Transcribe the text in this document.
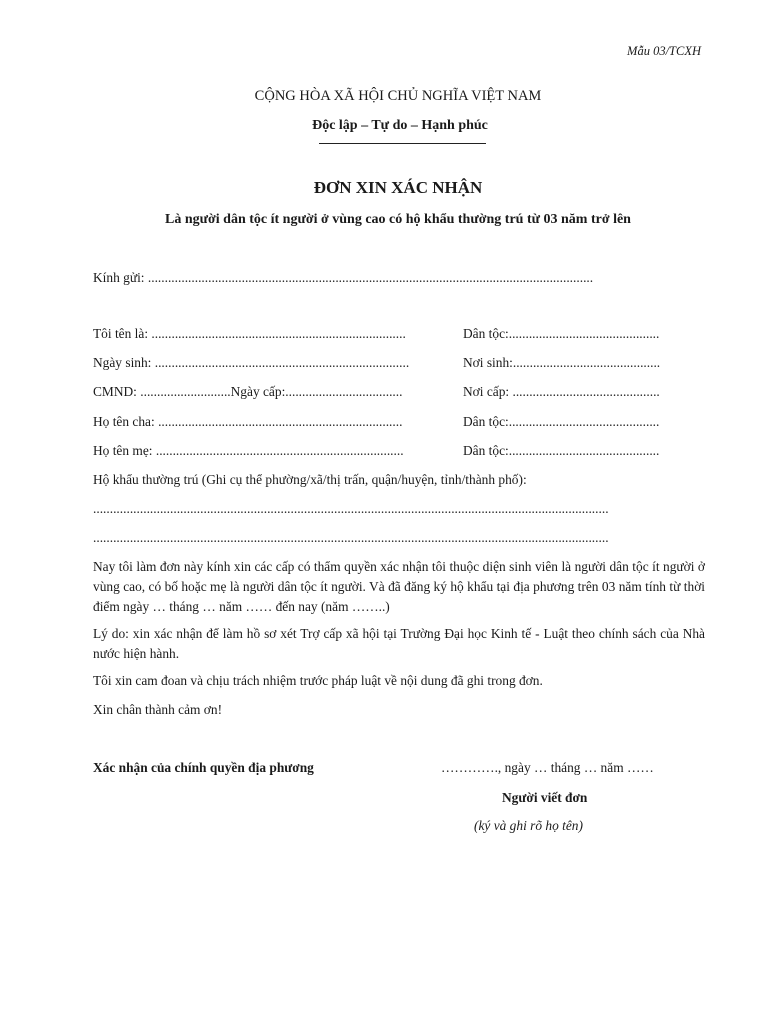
Mẫu 03/TCXH
CỘNG HÒA XÃ HỘI CHỦ NGHĨA VIỆT NAM
Độc lập – Tự do – Hạnh phúc
ĐƠN XIN XÁC NHẬN
Là người dân tộc ít người ở vùng cao có hộ khẩu thường trú từ 03 năm trở lên
Kính gửi: .....................................................................................................................................
Tôi tên là: ............................................................................	Dân tộc:.............................................
Ngày sinh: ............................................................................	Nơi sinh:............................................
CMND: ...........................Ngày cấp:...................................	Nơi cấp: ............................................
Họ tên cha: .........................................................................	Dân tộc:.............................................
Họ tên mẹ: ..........................................................................	Dân tộc:.............................................
Hộ khẩu thường trú (Ghi cụ thể phường/xã/thị trấn, quận/huyện, tỉnh/thành phố):
..........................................................................................................................................................
..........................................................................................................................................................
Nay tôi làm đơn này kính xin các cấp có thẩm quyền xác nhận tôi thuộc diện sinh viên là người dân tộc ít người ở vùng cao, có bố hoặc mẹ là người dân tộc ít người. Và đã đăng ký hộ khẩu tại địa phương trên 03 năm tính từ thời điểm ngày … tháng … năm …… đến nay (năm ……..)
Lý do: xin xác nhận để làm hồ sơ xét Trợ cấp xã hội tại Trường Đại học Kinh tế - Luật theo chính sách của Nhà nước hiện hành.
Tôi xin cam đoan và chịu trách nhiệm trước pháp luật về nội dung đã ghi trong đơn.
Xin chân thành cảm ơn!
Xác nhận của chính quyền địa phương	…………., ngày … tháng … năm ……
Người viết đơn
(ký và ghi rõ họ tên)
